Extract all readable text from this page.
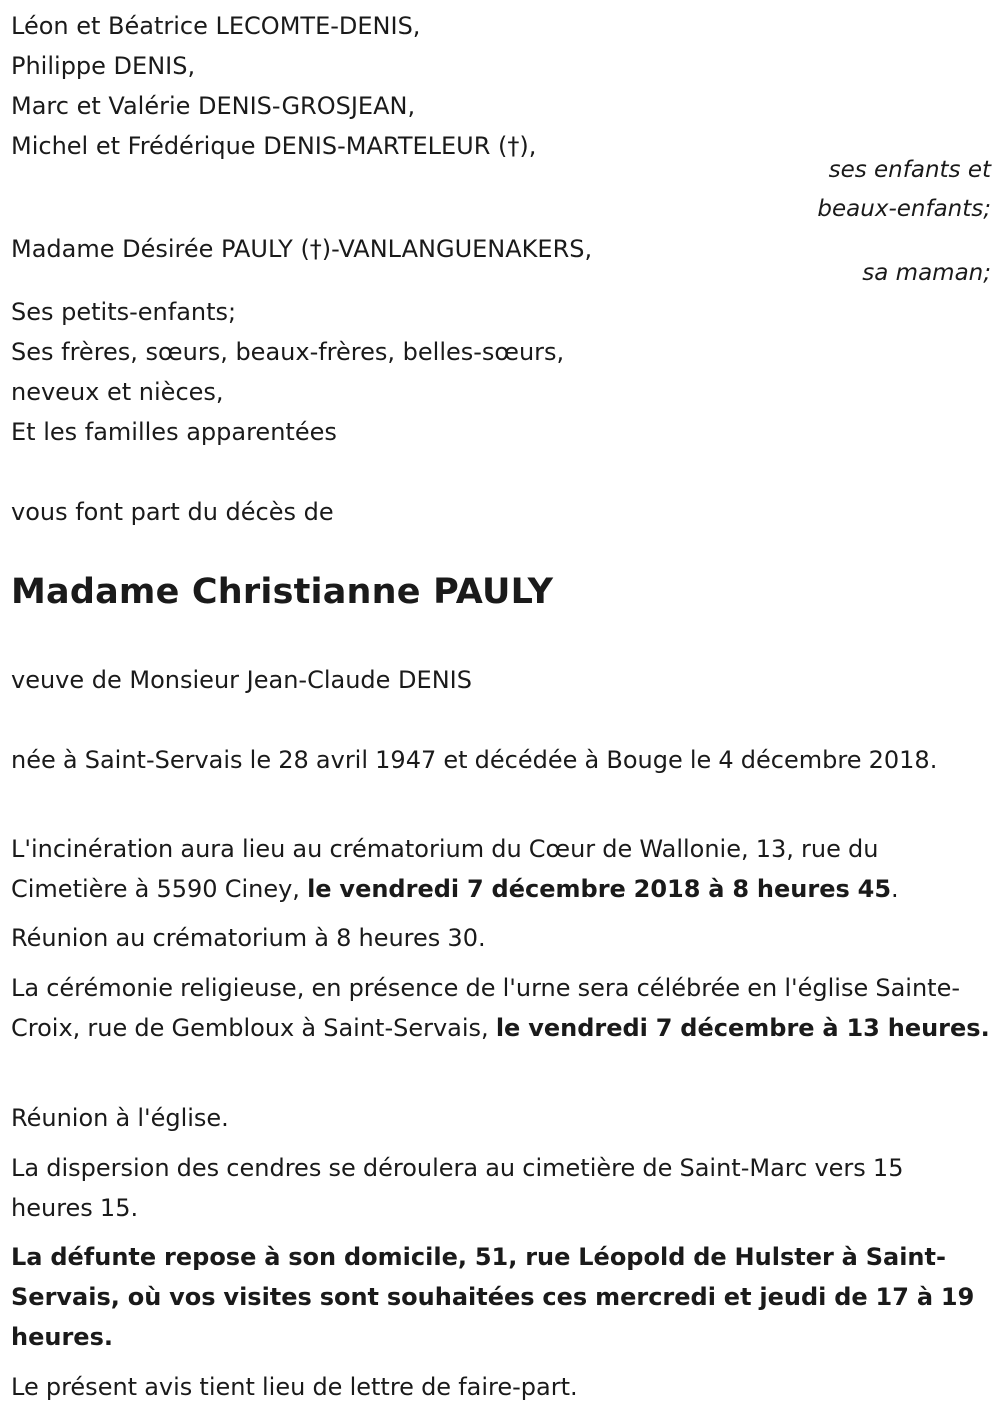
Léon et Béatrice LECOMTE-DENIS,
Philippe DENIS,
Marc et Valérie DENIS-GROSJEAN,
Michel et Frédérique DENIS-MARTELEUR (†),
ses enfants et
beaux-enfants;
Madame Désirée PAULY (†)-VANLANGUENAKERS,
sa maman;
Ses petits-enfants;
Ses frères, sœurs, beaux-frères, belles-sœurs,
neveux et nièces,
Et les familles apparentées
vous font part du décès de
Madame Christianne PAULY
veuve de Monsieur Jean-Claude DENIS
née à Saint-Servais le 28 avril 1947 et décédée à Bouge le 4 décembre 2018.
L'incinération aura lieu au crématorium du Cœur de Wallonie, 13, rue du Cimetière à 5590 Ciney, le vendredi 7 décembre 2018 à 8 heures 45.
Réunion au crématorium à 8 heures 30.
La cérémonie religieuse, en présence de l'urne sera célébrée en l'église Sainte-Croix, rue de Gembloux à Saint-Servais, le vendredi 7 décembre à 13 heures.
Réunion à l'église.
La dispersion des cendres se déroulera au cimetière de Saint-Marc vers 15 heures 15.
La défunte repose à son domicile, 51, rue Léopold de Hulster à Saint-Servais, où vos visites sont souhaitées ces mercredi et jeudi de 17 à 19 heures.
Le présent avis tient lieu de lettre de faire-part.
